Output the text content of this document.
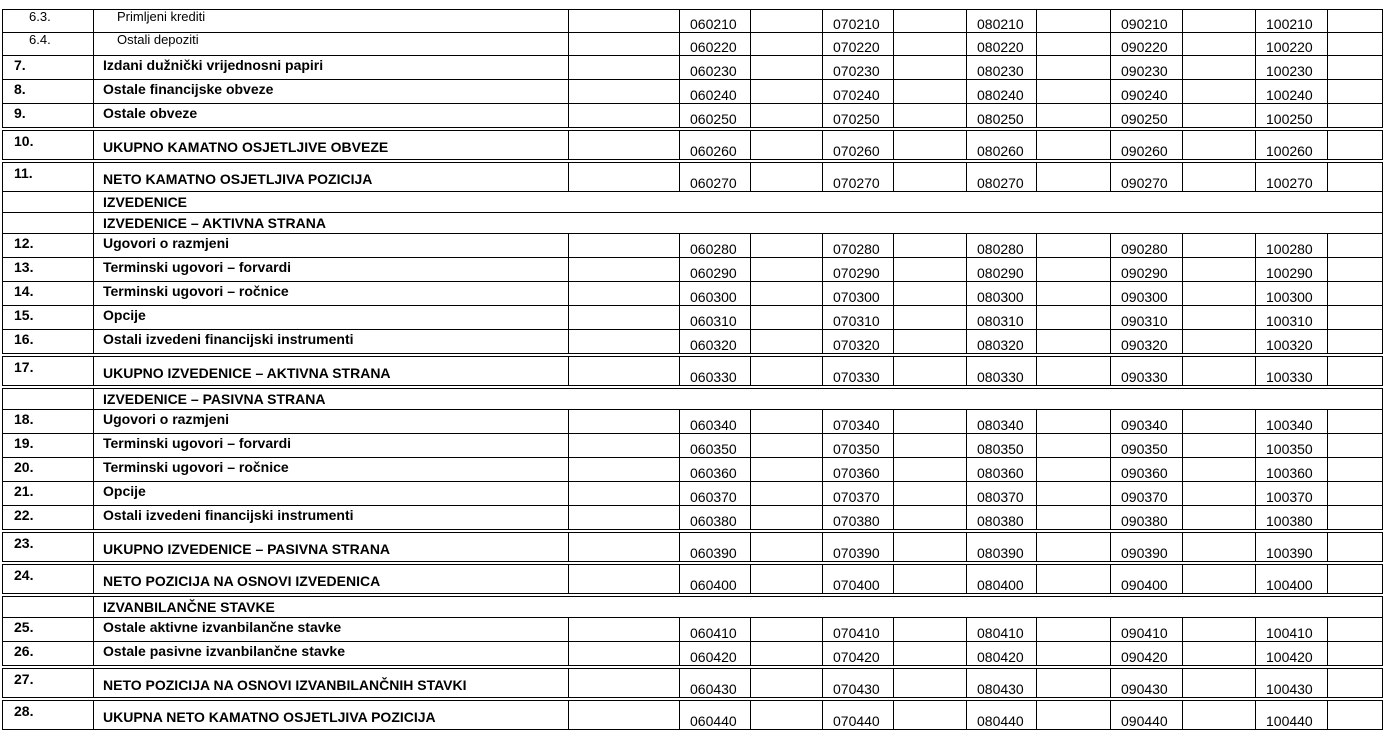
6.3.	Primljeni krediti		060210		070210		080210		090210		100210	
6.4.	Ostali depoziti		060220		070220		080220		090220		100220	
7.	Izdani dužnički vrijednosni papiri		060230		070230		080230		090230		100230	
8.	Ostale financijske obveze		060240		070240		080240		090240		100240	
9.	Ostale obveze		060250		070250		080250		090250		100250	
10.	UKUPNO KAMATNO OSJETLJIVE OBVEZE		060260		070260		080260		090260		100260	
11.	NETO KAMATNO OSJETLJIVA POZICIJA		060270		070270		080270		090270		100270	
	IZVEDENICE											
	IZVEDENICE – AKTIVNA STRANA											
12.	Ugovori o razmjeni		060280		070280		080280		090280		100280	
13.	Terminski ugovori – forvardi		060290		070290		080290		090290		100290	
14.	Terminski ugovori – ročnice		060300		070300		080300		090300		100300	
15.	Opcije		060310		070310		080310		090310		100310	
16.	Ostali izvedeni financijski instrumenti		060320		070320		080320		090320		100320	
17.	UKUPNO IZVEDENICE – AKTIVNA STRANA		060330		070330		080330		090330		100330	
	IZVEDENICE – PASIVNA STRANA											
18.	Ugovori o razmjeni		060340		070340		080340		090340		100340	
19.	Terminski ugovori – forvardi		060350		070350		080350		090350		100350	
20.	Terminski ugovori – ročnice		060360		070360		080360		090360		100360	
21.	Opcije		060370		070370		080370		090370		100370	
22.	Ostali izvedeni financijski instrumenti		060380		070380		080380		090380		100380	
23.	UKUPNO IZVEDENICE – PASIVNA STRANA		060390		070390		080390		090390		100390	
24.	NETO POZICIJA NA OSNOVI IZVEDENICA		060400		070400		080400		090400		100400	
	IZVANBILANČNE STAVKE											
25.	Ostale aktivne izvanbilančne stavke		060410		070410		080410		090410		100410	
26.	Ostale pasivne izvanbilančne stavke		060420		070420		080420		090420		100420	
27.	NETO POZICIJA NA OSNOVI IZVANBILANČNIH STAVKI		060430		070430		080430		090430		100430	
28.	UKUPNA NETO KAMATNO OSJETLJIVA POZICIJA		060440		070440		080440		090440		100440	
